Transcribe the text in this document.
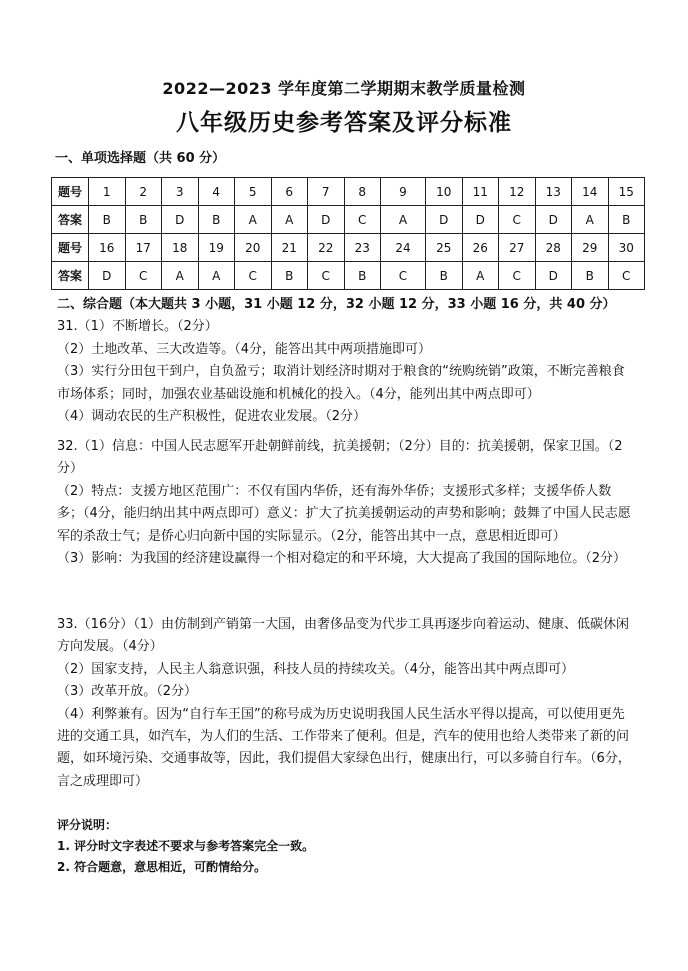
2022—2023 学年度第二学期期末教学质量检测
八年级历史参考答案及评分标准
一、单项选择题（共 60 分）
题号	1	2	3	4	5	6	7	8	9	10	11	12	13	14	15
答案	B	B	D	B	A	A	D	C	A	D	D	C	D	A	B
题号	16	17	18	19	20	21	22	23	24	25	26	27	28	29	30
答案	D	C	A	A	C	B	C	B	C	B	A	C	D	B	C

二、综合题（本大题共 3 小题，31 小题 12 分，32 小题 12 分，33 小题 16 分，共 40 分）

31.（1）不断增长。（2分）

（2）土地改革、三大改造等。（4分，能答出其中两项措施即可）

（3）实行分田包干到户，自负盈亏；取消计划经济时期对于粮食的“统购统销”政策，不断完善粮食市场体系；同时，加强农业基础设施和机械化的投入。（4分，能列出其中两点即可）

（4）调动农民的生产积极性，促进农业发展。（2分）

32.（1）信息：中国人民志愿军开赴朝鲜前线，抗美援朝；（2分）目的：抗美援朝，保家卫国。（2分）

（2）特点：支援方地区范围广：不仅有国内华侨，还有海外华侨；支援形式多样；支援华侨人数多；（4分，能归纳出其中两点即可）意义：扩大了抗美援朝运动的声势和影响；鼓舞了中国人民志愿军的杀敌士气；是侨心归向新中国的实际显示。（2分，能答出其中一点，意思相近即可）

（3）影响：为我国的经济建设赢得一个相对稳定的和平环境，大大提高了我国的国际地位。（2分）

33.（16分）（1）由仿制到产销第一大国，由奢侈品变为代步工具再逐步向着运动、健康、低碳休闲方向发展。（4分）

（2）国家支持，人民主人翁意识强，科技人员的持续攻关。（4分，能答出其中两点即可）

（3）改革开放。（2分）

（4）利弊兼有。因为“自行车王国”的称号成为历史说明我国人民生活水平得以提高，可以使用更先进的交通工具，如汽车，为人们的生活、工作带来了便利。但是，汽车的使用也给人类带来了新的问题，如环境污染、交通事故等，因此，我们提倡大家绿色出行，健康出行，可以多骑自行车。（6分，言之成理即可）

评分说明：

1. 评分时文字表述不要求与参考答案完全一致。

2. 符合题意，意思相近，可酌情给分。
